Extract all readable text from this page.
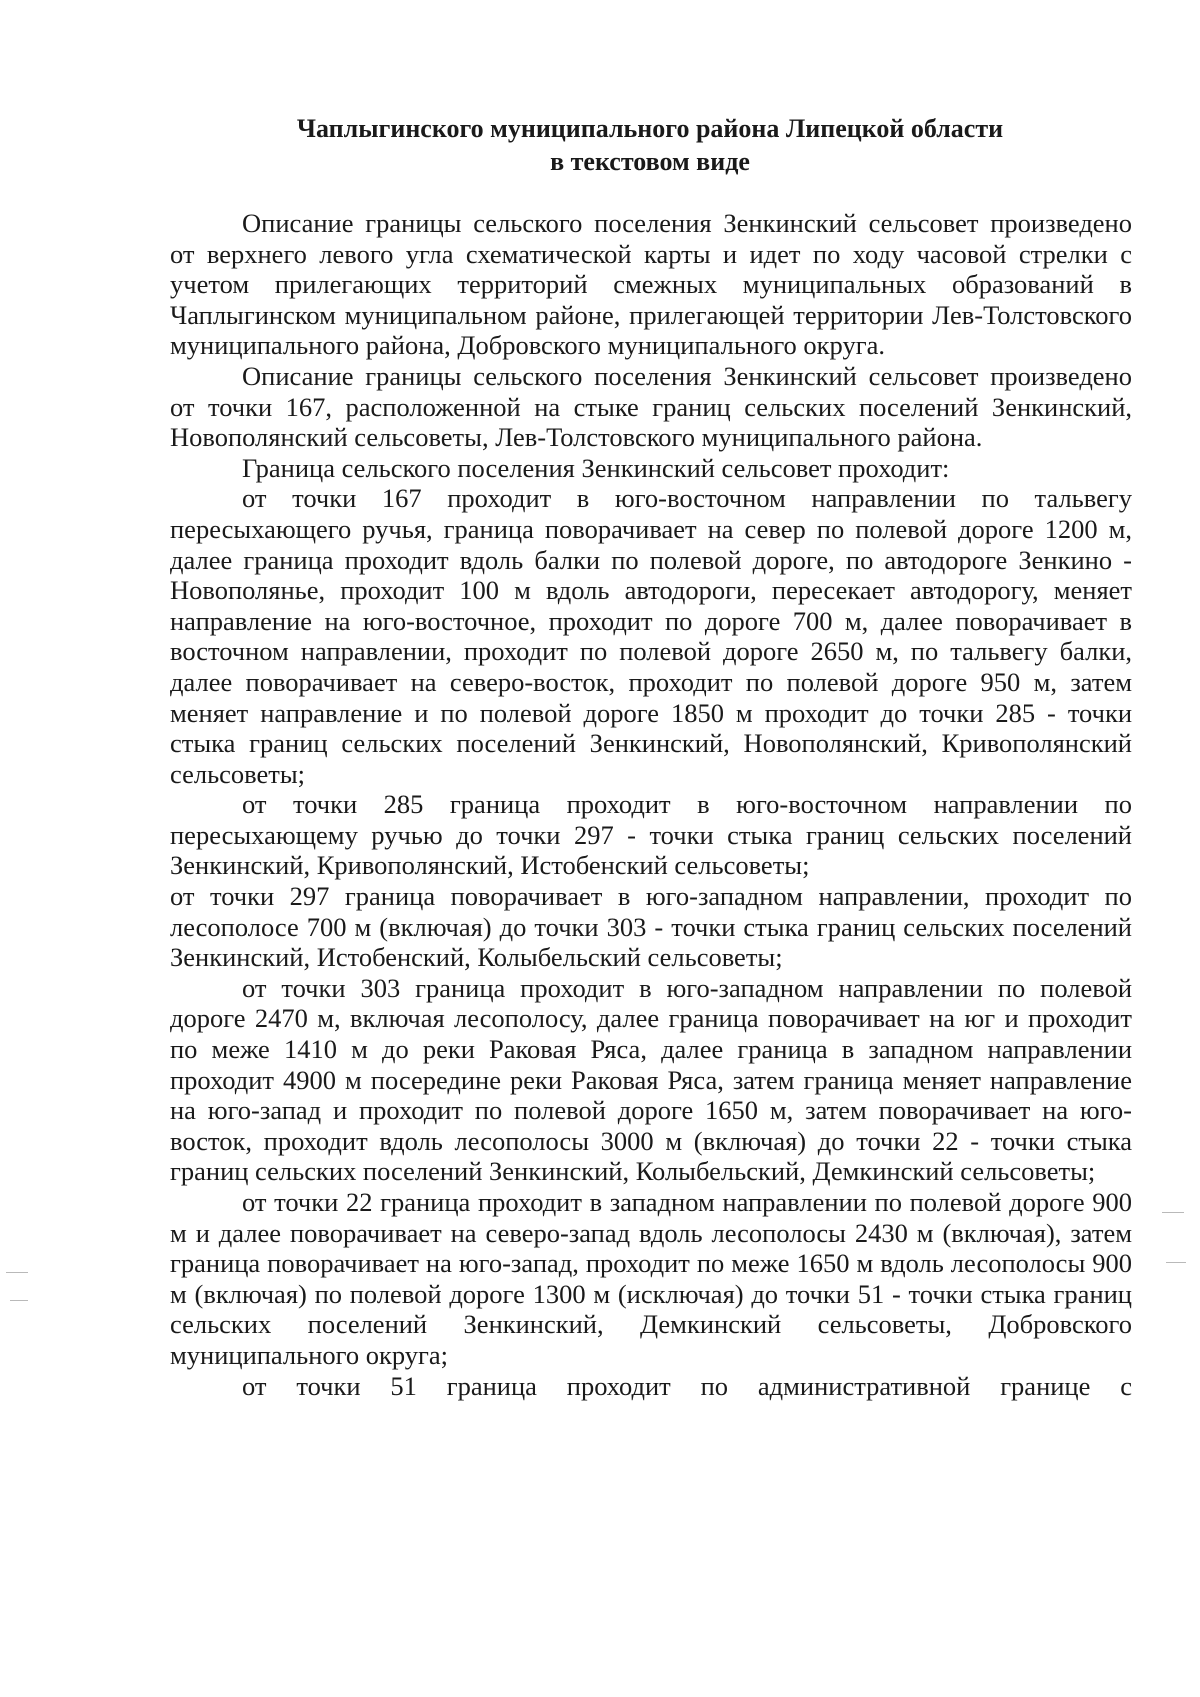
Чаплыгинского муниципального района Липецкой области
в текстовом виде

Описание границы сельского поселения Зенкинский сельсовет произведено от верхнего левого угла схематической карты и идет по ходу часовой стрелки с учетом прилегающих территорий смежных муниципальных образований в Чаплыгинском муниципальном районе, прилегающей территории Лев-Толстовского муниципального района, Добровского муниципального округа.

Описание границы сельского поселения Зенкинский сельсовет произведено от точки 167, расположенной на стыке границ сельских поселений Зенкинский, Новополянский сельсоветы, Лев-Толстовского муниципального района.

Граница сельского поселения Зенкинский сельсовет проходит:

от точки 167 проходит в юго-восточном направлении по тальвегу пересыхающего ручья, граница поворачивает на север по полевой дороге 1200 м, далее граница проходит вдоль балки по полевой дороге, по автодороге Зенкино - Новополянье, проходит 100 м вдоль автодороги, пересекает автодорогу, меняет направление на юго-восточное, проходит по дороге 700 м, далее поворачивает в восточном направлении, проходит по полевой дороге 2650 м, по тальвегу балки, далее поворачивает на северо-восток, проходит по полевой дороге 950 м, затем меняет направление и по полевой дороге 1850 м проходит до точки 285 - точки стыка границ сельских поселений Зенкинский, Новополянский, Кривополянский сельсоветы;

от точки 285 граница проходит в юго-восточном направлении по пересыхающему ручью до точки 297 - точки стыка границ сельских поселений Зенкинский, Кривополянский, Истобенский сельсоветы;

от точки 297 граница поворачивает в юго-западном направлении, проходит по лесополосе 700 м (включая) до точки 303 - точки стыка границ сельских поселений Зенкинский, Истобенский, Колыбельский сельсоветы;

от точки 303 граница проходит в юго-западном направлении по полевой дороге 2470 м, включая лесополосу, далее граница поворачивает на юг и проходит по меже 1410 м до реки Раковая Ряса, далее граница в западном направлении проходит 4900 м посередине реки Раковая Ряса, затем граница меняет направление на юго-запад и проходит по полевой дороге 1650 м, затем поворачивает на юго-восток, проходит вдоль лесополосы 3000 м (включая) до точки 22 - точки стыка границ сельских поселений Зенкинский, Колыбельский, Демкинский сельсоветы;

от точки 22 граница проходит в западном направлении по полевой дороге 900 м и далее поворачивает на северо-запад вдоль лесополосы 2430 м (включая), затем граница поворачивает на юго-запад, проходит по меже 1650 м вдоль лесополосы 900 м (включая) по полевой дороге 1300 м (исключая) до точки 51 - точки стыка границ сельских поселений Зенкинский, Демкинский сельсоветы, Добровского муниципального округа;

от точки 51 граница проходит по административной границе с
